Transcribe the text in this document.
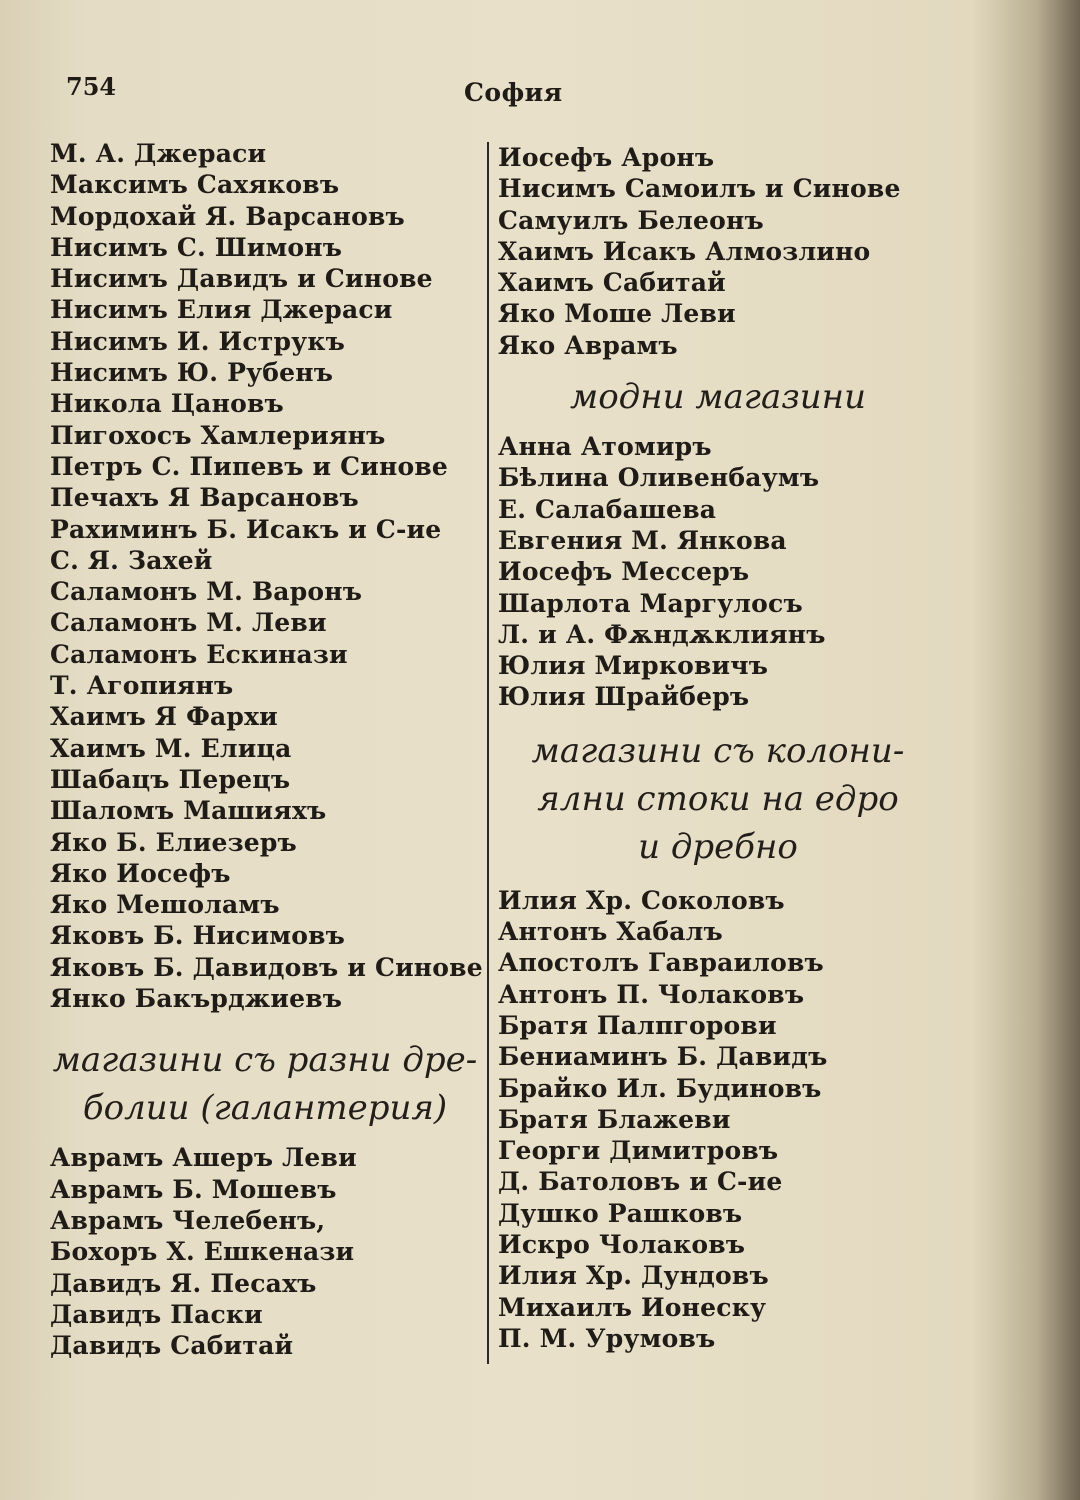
754	София
М. А. Джераси
Максимъ Сахяковъ
Мордохай Я. Варсановъ
Нисимъ С. Шимонъ
Нисимъ Давидъ и Синове
Нисимъ Елия Джераси
Нисимъ И. Иструкъ
Нисимъ Ю. Рубенъ
Никола Цановъ
Пигохосъ Хамлериянъ
Петръ С. Пипевъ и Синове
Печахъ Я Варсановъ
Рахиминъ Б. Исакъ и С-ие
С. Я. Захей
Саламонъ М. Варонъ
Саламонъ М. Леви
Саламонъ Ескинази
Т. Агопиянъ
Хаимъ Я Фархи
Хаимъ М. Елица
Шабацъ Перецъ
Шаломъ Машияхъ
Яко Б. Елиезеръ
Яко Иосефъ
Яко Мешоламъ
Яковъ Б. Нисимовъ
Яковъ Б. Давидовъ и Синове
Янко Бакърджиевъ
магазини съ разни дре-
болии (галантерия)
Аврамъ Ашеръ Леви
Аврамъ Б. Мошевъ
Аврамъ Челебенъ,
Бохоръ Х. Ешкенази
Давидъ Я. Песахъ
Давидъ Паски
Давидъ Сабитай
Иосефъ Аронъ
Нисимъ Самоилъ и Синове
Самуилъ Белеонъ
Хаимъ Исакъ Алмозлино
Хаимъ Сабитай
Яко Моше Леви
Яко Аврамъ
модни магазини
Анна Атомиръ
Бѣлина Оливенбаумъ
Е. Салабашева
Евгения М. Янкова
Иосефъ Мессеръ
Шарлота Маргулосъ
Л. и А. Фѫндѫклиянъ
Юлия Мирковичъ
Юлия Шрайберъ
магазини съ колони-
ялни стоки на едро
и дребно
Илия Хр. Соколовъ
Антонъ Хабалъ
Апостолъ Гавраиловъ
Антонъ П. Чолаковъ
Братя Палпгорови
Бениаминъ Б. Давидъ
Брайко Ил. Будиновъ
Братя Блажеви
Георги Димитровъ
Д. Батоловъ и С-ие
Душко Рашковъ
Искро Чолаковъ
Илия Хр. Дундовъ
Михаилъ Ионеску
П. М. Урумовъ
